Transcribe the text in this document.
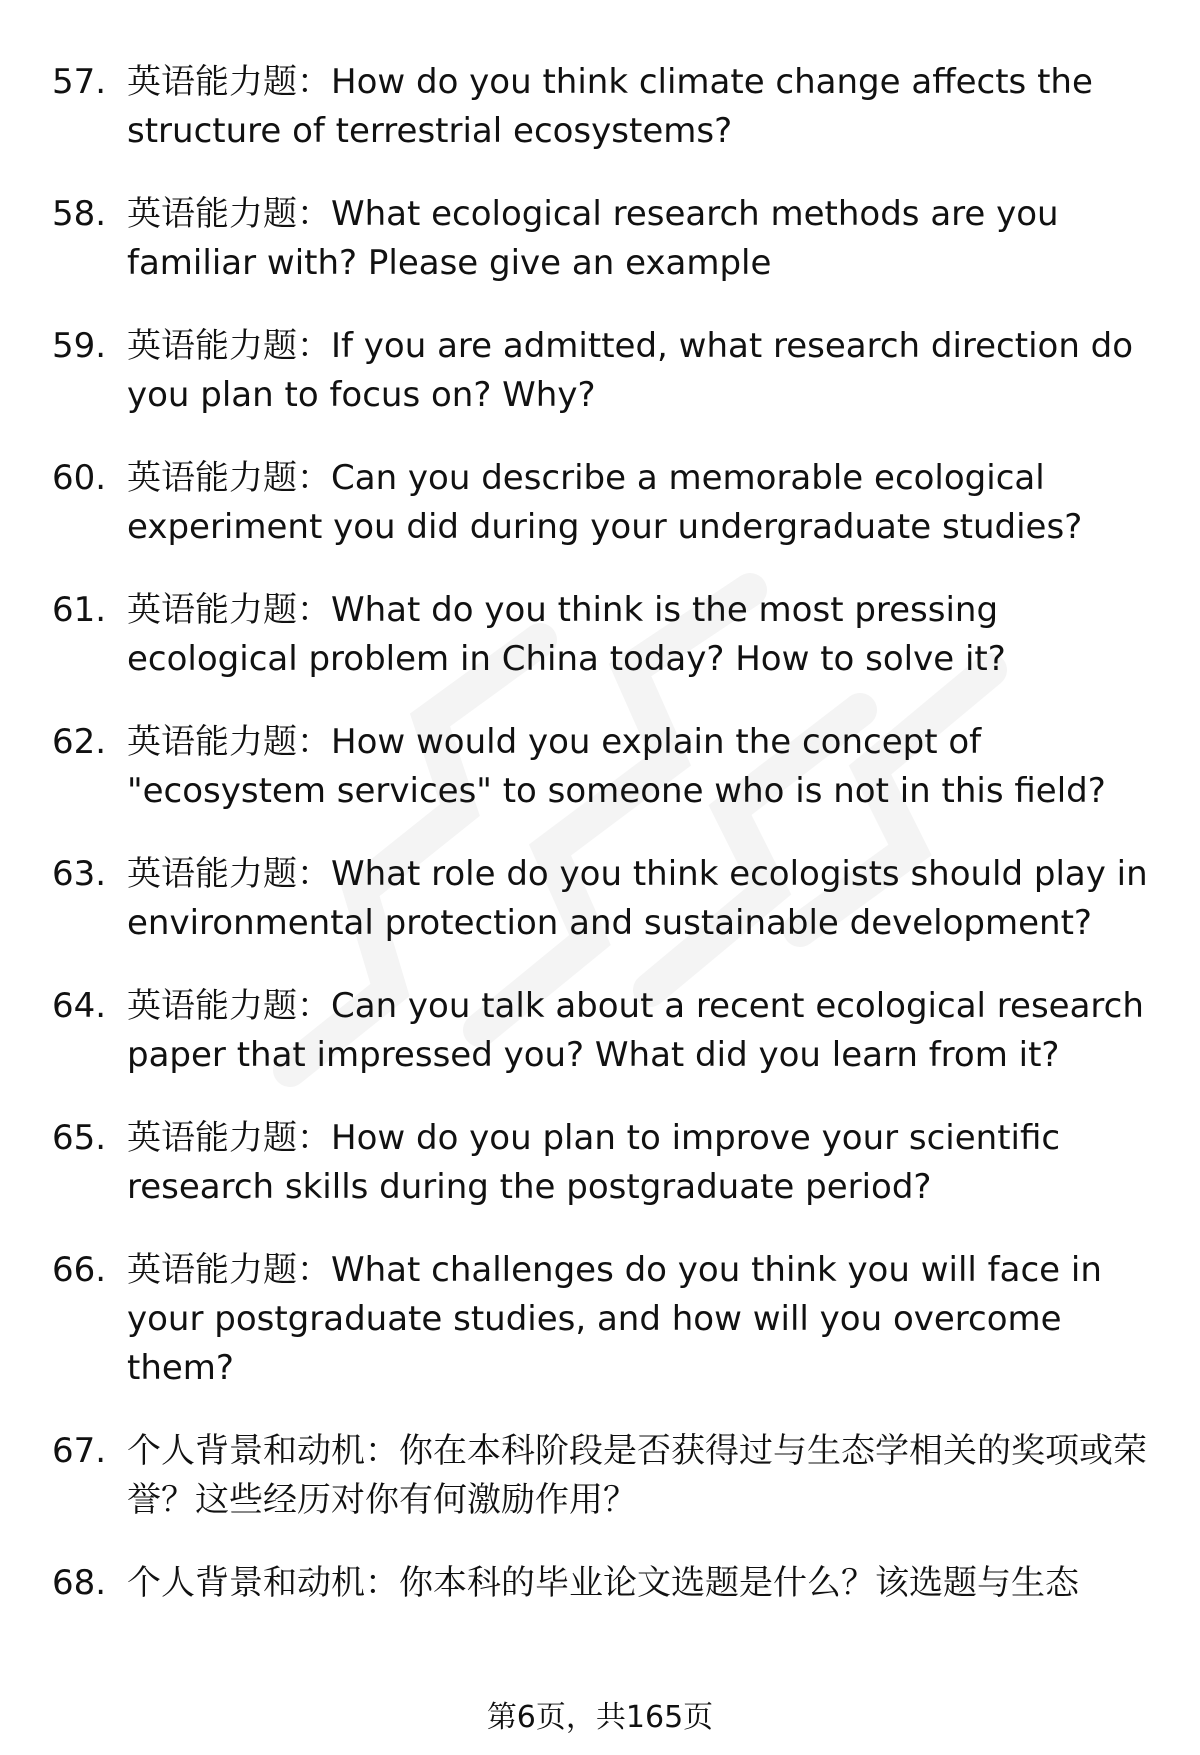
57. 英语能力题：How do you think climate change affects the structure of terrestrial ecosystems?
58. 英语能力题：What ecological research methods are you familiar with? Please give an example
59. 英语能力题：If you are admitted, what research direction do you plan to focus on? Why?
60. 英语能力题：Can you describe a memorable ecological experiment you did during your undergraduate studies?
61. 英语能力题：What do you think is the most pressing ecological problem in China today? How to solve it?
62. 英语能力题：How would you explain the concept of "ecosystem services" to someone who is not in this field?
63. 英语能力题：What role do you think ecologists should play in environmental protection and sustainable development?
64. 英语能力题：Can you talk about a recent ecological research paper that impressed you? What did you learn from it?
65. 英语能力题：How do you plan to improve your scientific research skills during the postgraduate period?
66. 英语能力题：What challenges do you think you will face in your postgraduate studies, and how will you overcome them?
67. 个人背景和动机：你在本科阶段是否获得过与生态学相关的奖项或荣誉？这些经历对你有何激励作用？
68. 个人背景和动机：你本科的毕业论文选题是什么？该选题与生态
第6页，共165页
